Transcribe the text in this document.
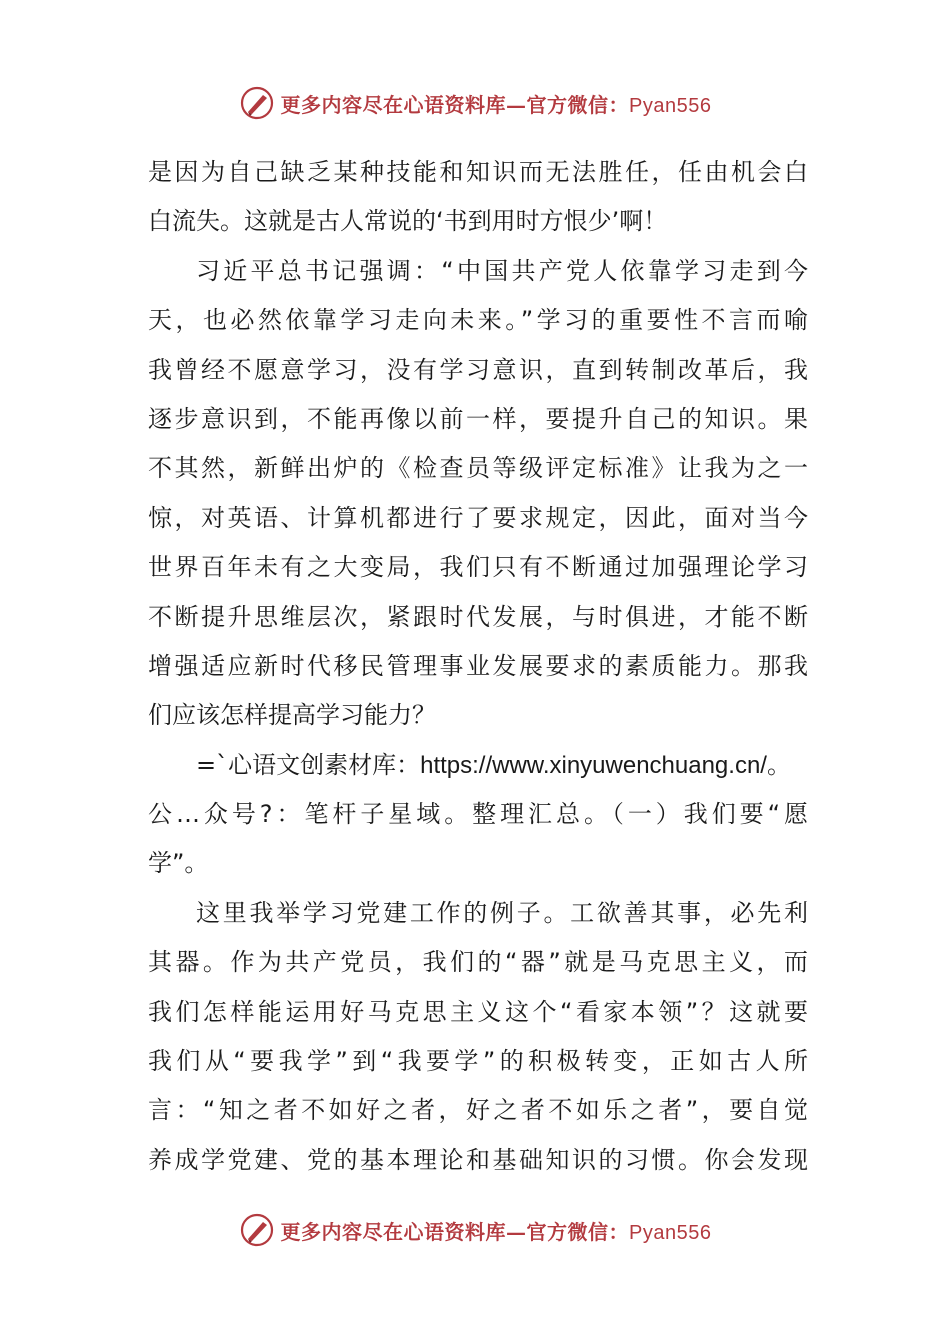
更多内容尽在心语资料库—官方微信：Pyan556
是因为自己缺乏某种技能和知识而无法胜任，任由机会白
白流失。这就是古人常说的‘书到用时方恨少’啊！
习近平总书记强调：“中国共产党人依靠学习走到今
天，也必然依靠学习走向未来。”学习的重要性不言而喻
我曾经不愿意学习，没有学习意识，直到转制改革后，我
逐步意识到，不能再像以前一样，要提升自己的知识。果
不其然，新鲜出炉的《检查员等级评定标准》让我为之一
惊，对英语、计算机都进行了要求规定，因此，面对当今
世界百年未有之大变局，我们只有不断通过加强理论学习
不断提升思维层次，紧跟时代发展，与时俱进，才能不断
增强适应新时代移民管理事业发展要求的素质能力。那我
们应该怎样提高学习能力？
=`心语文创素材库：https://www.xinyuwenchuang.cn/。
公…众号?：笔杆子星域。整理汇总。（一）我们要“愿
学”。
这里我举学习党建工作的例子。工欲善其事，必先利
其器。作为共产党员，我们的“器”就是马克思主义，而
我们怎样能运用好马克思主义这个“看家本领”？这就要
我们从“要我学”到“我要学”的积极转变，正如古人所
言：“知之者不如好之者，好之者不如乐之者”，要自觉
养成学党建、党的基本理论和基础知识的习惯。你会发现
更多内容尽在心语资料库—官方微信：Pyan556
